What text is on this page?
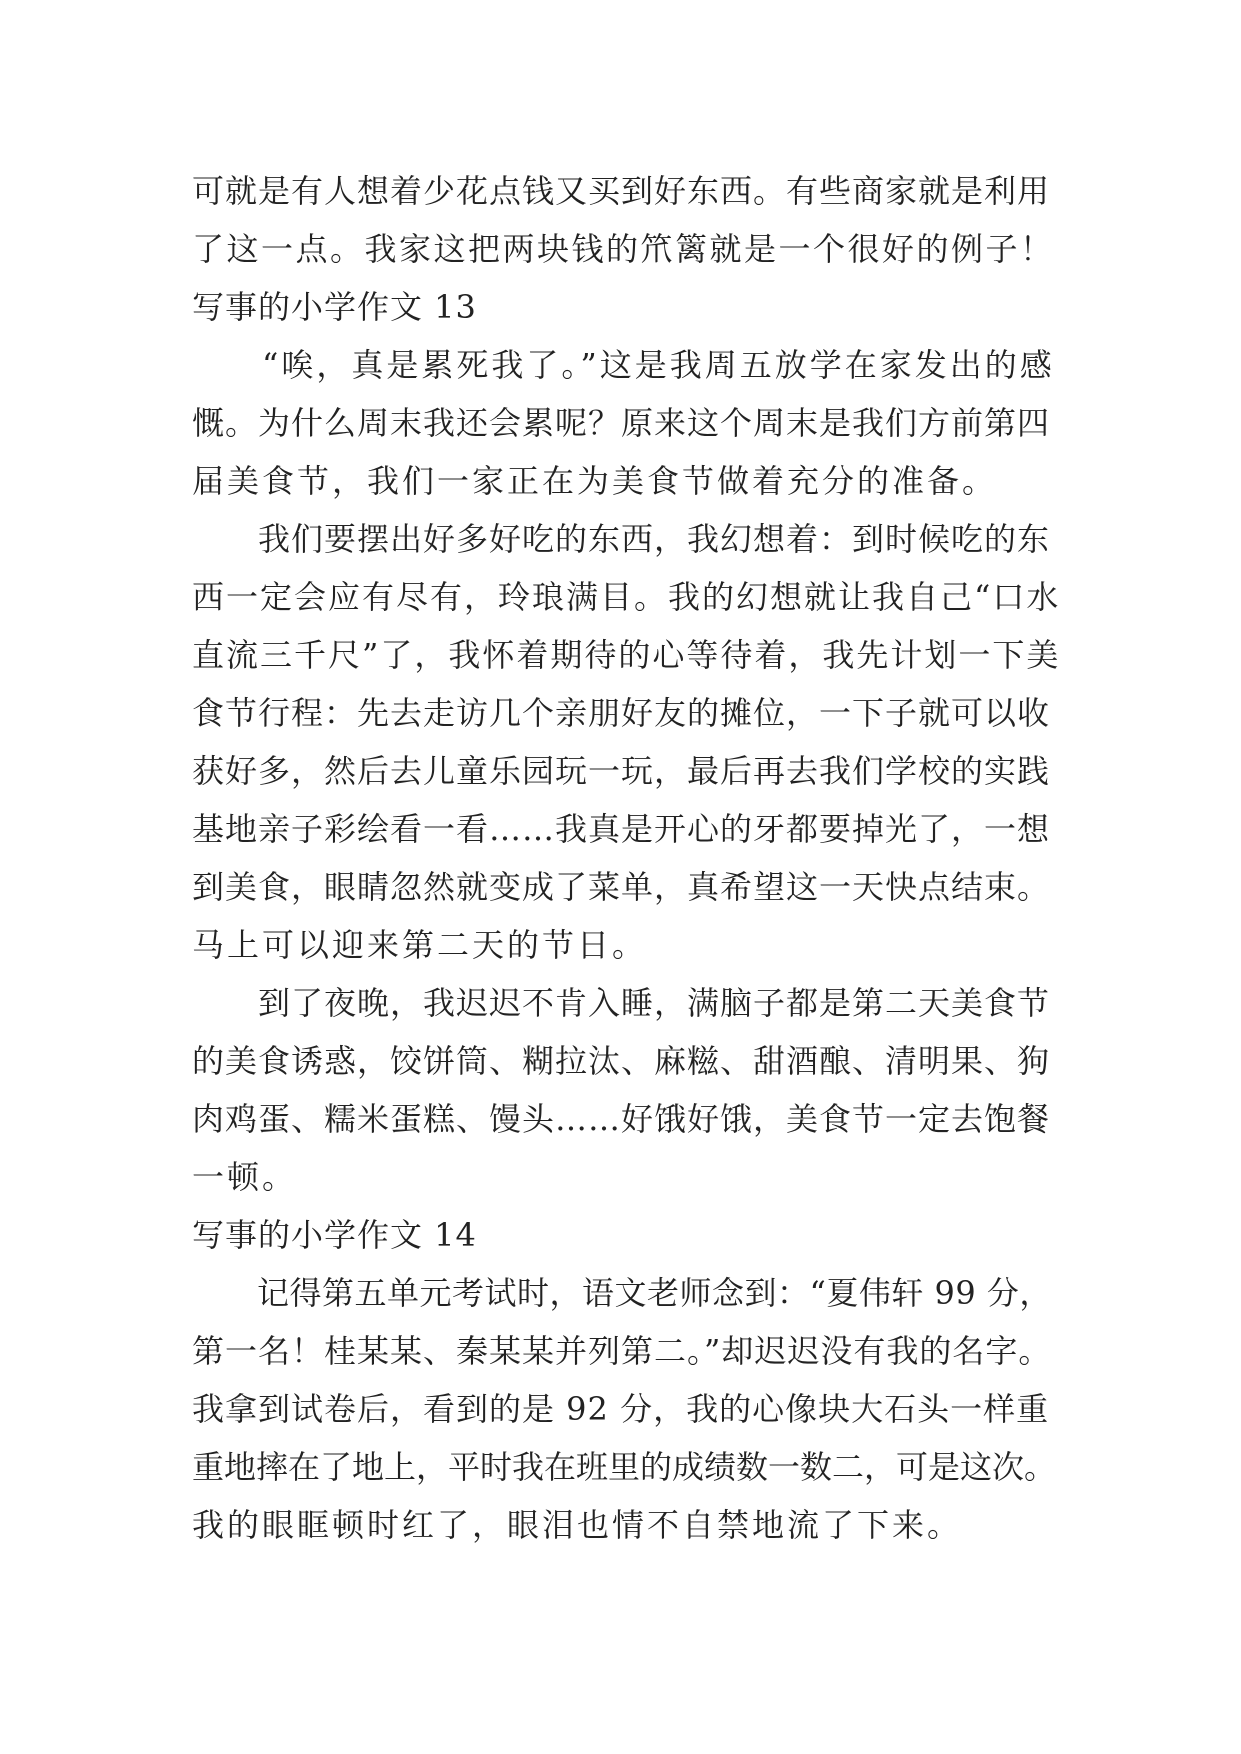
可就是有人想着少花点钱又买到好东西。有些商家就是利用
了这一点。我家这把两块钱的笊篱就是一个很好的例子！
写事的小学作文 13
　　“唉，真是累死我了。”这是我周五放学在家发出的感
慨。为什么周末我还会累呢？原来这个周末是我们方前第四
届美食节，我们一家正在为美食节做着充分的准备。
　　我们要摆出好多好吃的东西，我幻想着：到时候吃的东
西一定会应有尽有，玲琅满目。我的幻想就让我自己“口水
直流三千尺”了，我怀着期待的心等待着，我先计划一下美
食节行程：先去走访几个亲朋好友的摊位，一下子就可以收
获好多，然后去儿童乐园玩一玩，最后再去我们学校的实践
基地亲子彩绘看一看……我真是开心的牙都要掉光了，一想
到美食，眼睛忽然就变成了菜单，真希望这一天快点结束。
马上可以迎来第二天的节日。
　　到了夜晚，我迟迟不肯入睡，满脑子都是第二天美食节
的美食诱惑，饺饼筒、糊拉汰、麻糍、甜酒酿、清明果、狗
肉鸡蛋、糯米蛋糕、馒头……好饿好饿，美食节一定去饱餐
一顿。
写事的小学作文 14
　　记得第五单元考试时，语文老师念到：“夏伟轩 99 分，
第一名！桂某某、秦某某并列第二。”却迟迟没有我的名字。
我拿到试卷后，看到的是 92 分，我的心像块大石头一样重
重地摔在了地上，平时我在班里的成绩数一数二，可是这次。
我的眼眶顿时红了，眼泪也情不自禁地流了下来。
